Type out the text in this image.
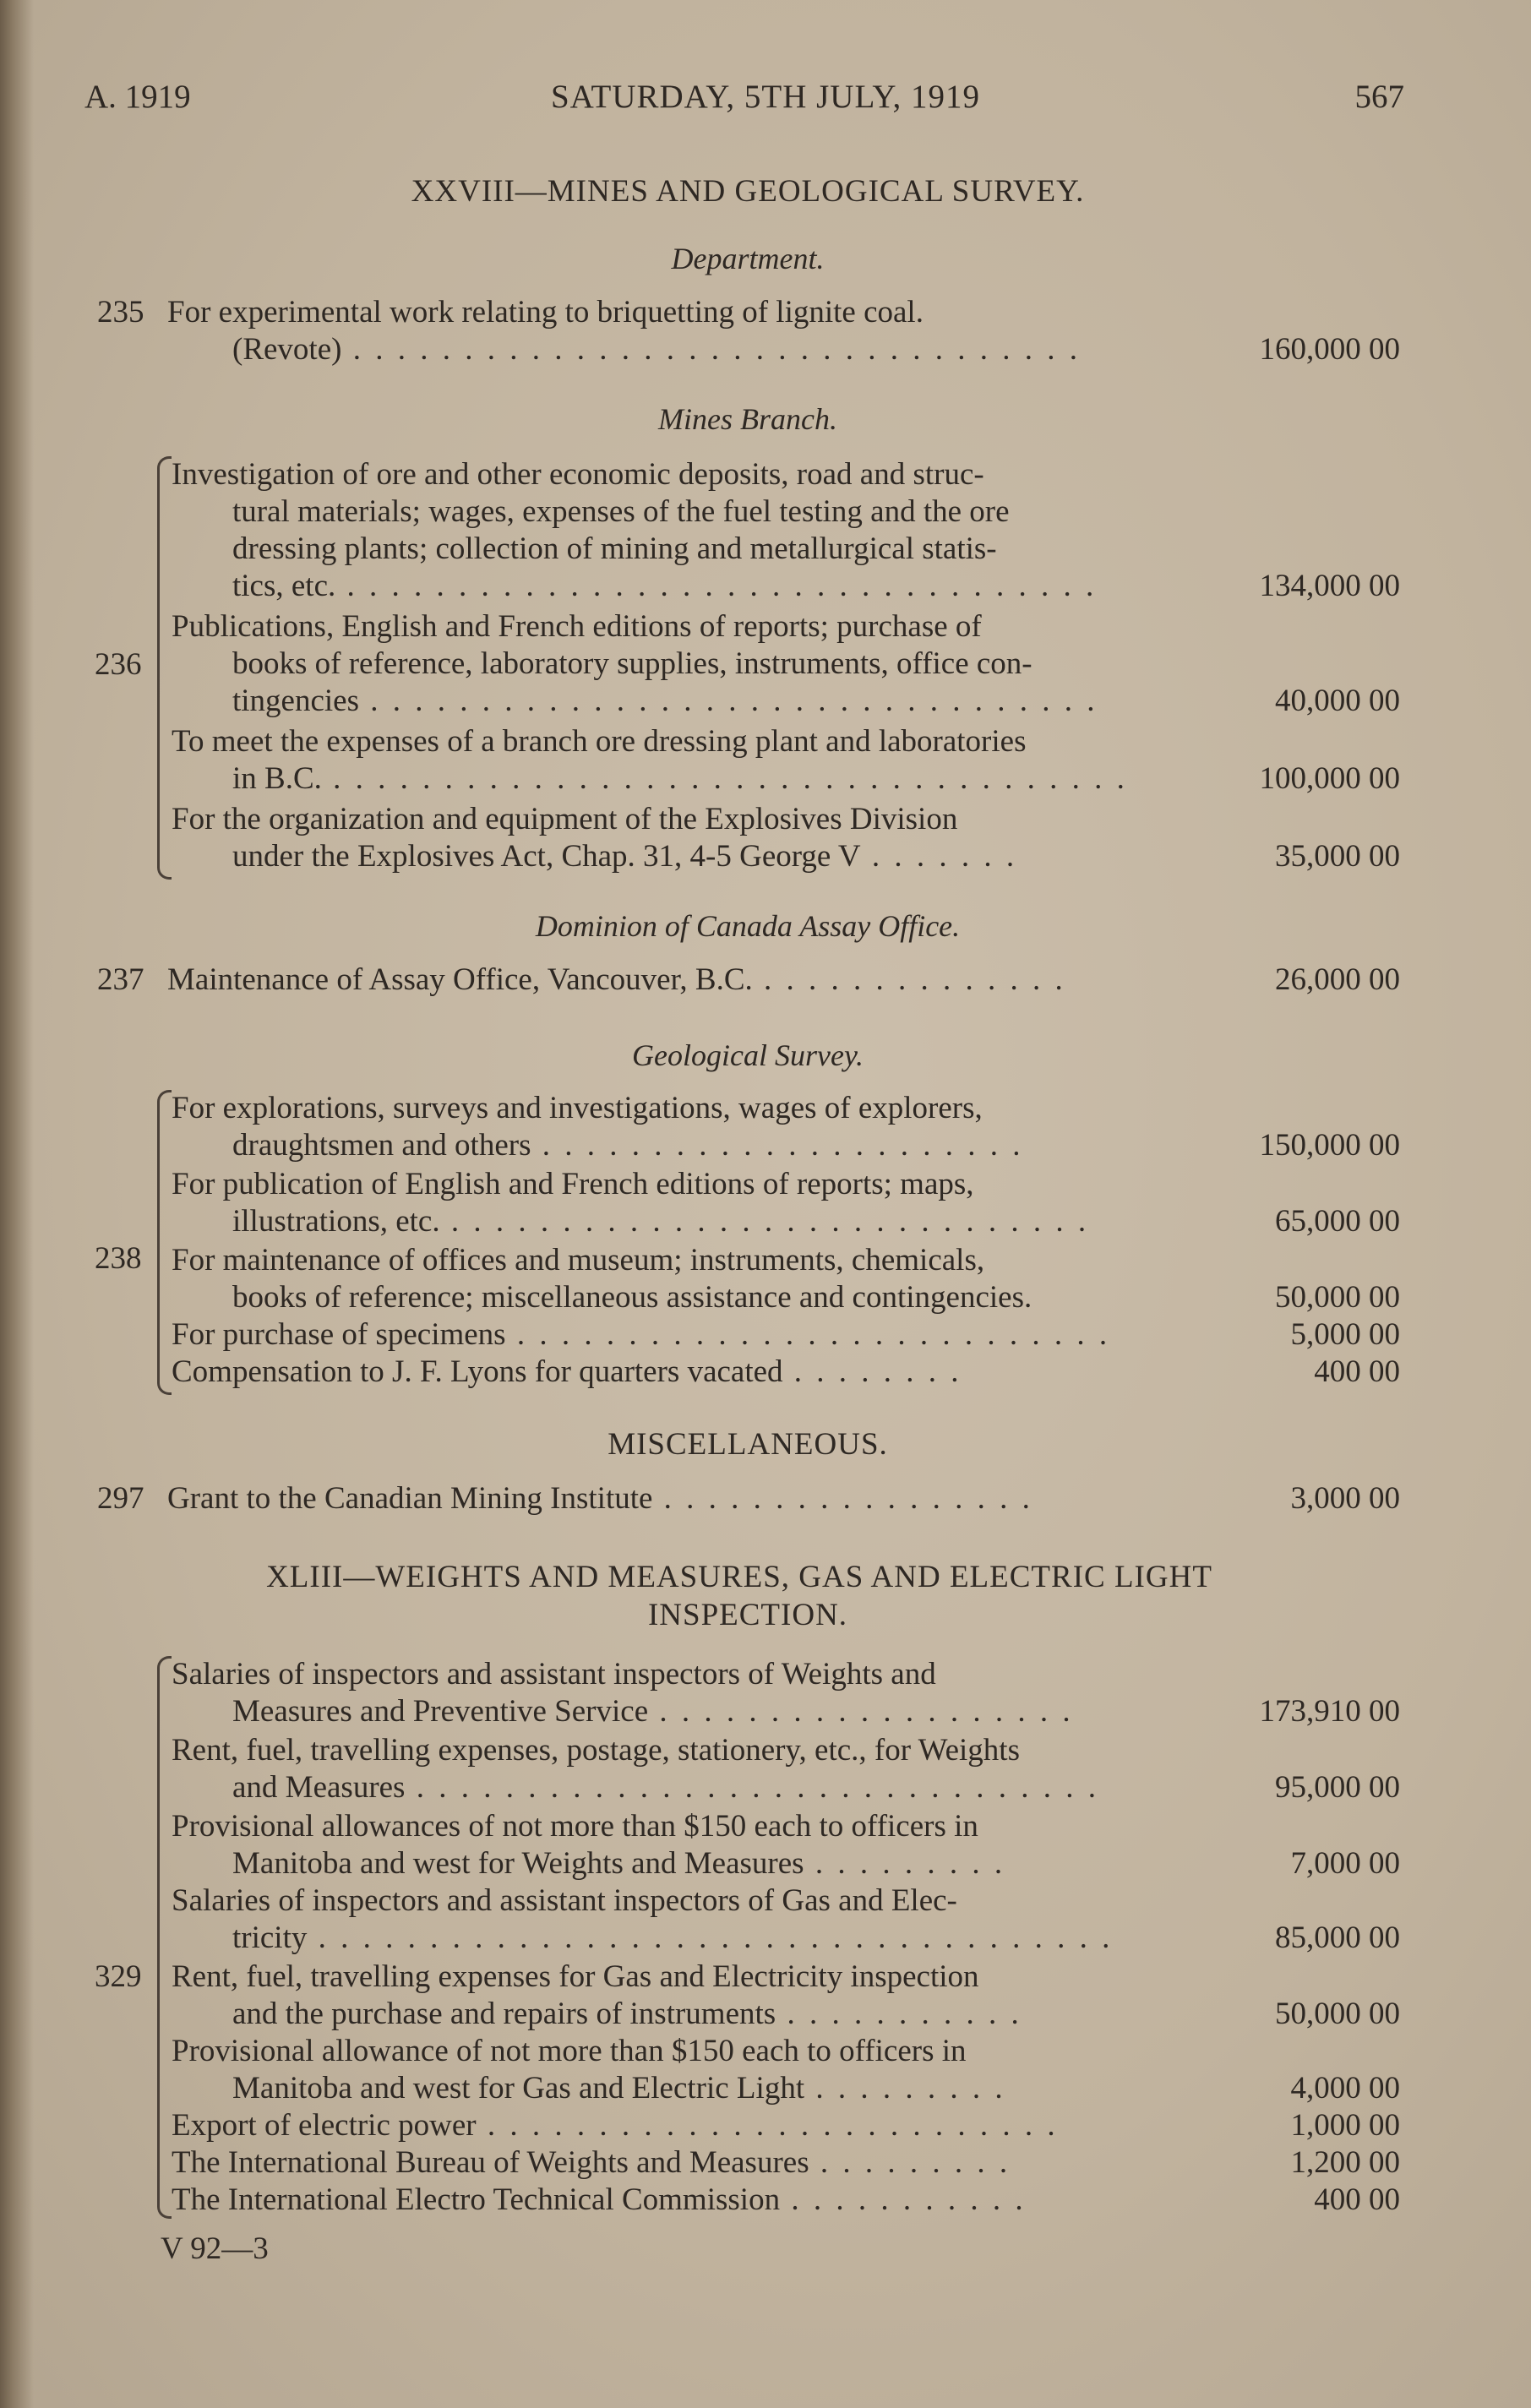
A. 1919	SATURDAY, 5TH JULY, 1919	567
XXVIII—MINES AND GEOLOGICAL SURVEY.
Department.
235 For experimental work relating to briquetting of lignite coal.
(Revote) . . . . . . . . . . . . . . . . . . . . . . . . . . . . . . . . .	160,000 00
Mines Branch.
236
Investigation of ore and other economic deposits, road and struc-
tural materials; wages, expenses of the fuel testing and the ore
dressing plants; collection of mining and metallurgical statis-
tics, etc. . . . . . . . . . . . . . . . . . . . . . . . . . . . . . . . . . .	134,000 00
Publications, English and French editions of reports; purchase of
books of reference, laboratory supplies, instruments, office con-
tingencies . . . . . . . . . . . . . . . . . . . . . . . . . . . . . . . . .	40,000 00
To meet the expenses of a branch ore dressing plant and laboratories
in B.C. . . . . . . . . . . . . . . . . . . . . . . . . . . . . . . . . . . . .	100,000 00
For the organization and equipment of the Explosives Division
under the Explosives Act, Chap. 31, 4-5 George V . . . . . . .	35,000 00
Dominion of Canada Assay Office.
237 Maintenance of Assay Office, Vancouver, B.C. . . . . . . . . . . . . . .	26,000 00
Geological Survey.
238
For explorations, surveys and investigations, wages of explorers,
draughtsmen and others . . . . . . . . . . . . . . . . . . . . . .	150,000 00
For publication of English and French editions of reports; maps,
illustrations, etc. . . . . . . . . . . . . . . . . . . . . . . . . . . . . .	65,000 00
For maintenance of offices and museum; instruments, chemicals,
books of reference; miscellaneous assistance and contingencies.	50,000 00
For purchase of specimens . . . . . . . . . . . . . . . . . . . . . . . . . . .	5,000 00
Compensation to J. F. Lyons for quarters vacated . . . . . . . .	400 00
MISCELLANEOUS.
297 Grant to the Canadian Mining Institute . . . . . . . . . . . . . . . . .	3,000 00
XLIII—WEIGHTS AND MEASURES, GAS AND ELECTRIC LIGHT
INSPECTION.
329
Salaries of inspectors and assistant inspectors of Weights and
Measures and Preventive Service . . . . . . . . . . . . . . . . . . .	173,910 00
Rent, fuel, travelling expenses, postage, stationery, etc., for Weights
and Measures . . . . . . . . . . . . . . . . . . . . . . . . . . . . . . .	95,000 00
Provisional allowances of not more than $150 each to officers in
Manitoba and west for Weights and Measures . . . . . . . . .	7,000 00
Salaries of inspectors and assistant inspectors of Gas and Elec-
tricity . . . . . . . . . . . . . . . . . . . . . . . . . . . . . . . . . . . .	85,000 00
Rent, fuel, travelling expenses for Gas and Electricity inspection
and the purchase and repairs of instruments . . . . . . . . . . .	50,000 00
Provisional allowance of not more than $150 each to officers in
Manitoba and west for Gas and Electric Light . . . . . . . . .	4,000 00
Export of electric power . . . . . . . . . . . . . . . . . . . . . . . . . .	1,000 00
The International Bureau of Weights and Measures . . . . . . . . .	1,200 00
The International Electro Technical Commission . . . . . . . . . . .	400 00
V 92—3
